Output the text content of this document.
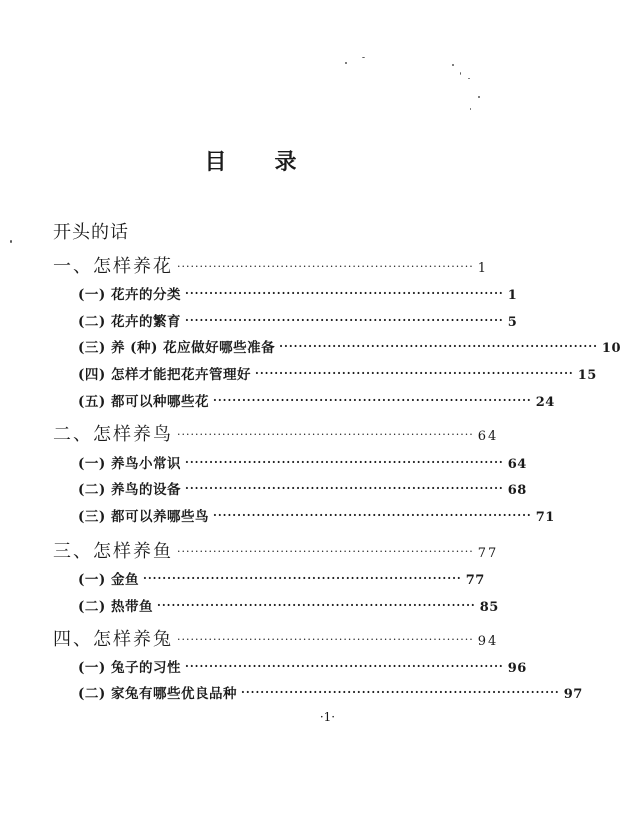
目 录
开头的话
一、怎样养花 ·································································· 1
(一) 花卉的分类 ·································································· 1
(二) 花卉的繁育 ·································································· 5
(三) 养 (种) 花应做好哪些准备 ·································································· 10
(四) 怎样才能把花卉管理好 ·································································· 15
(五) 都可以种哪些花 ·································································· 24
二、怎样养鸟 ·································································· 64
(一) 养鸟小常识 ·································································· 64
(二) 养鸟的设备 ·································································· 68
(三) 都可以养哪些鸟 ·································································· 71
三、怎样养鱼 ·································································· 77
(一) 金鱼 ·································································· 77
(二) 热带鱼 ·································································· 85
四、怎样养兔 ·································································· 94
(一) 兔子的习性 ·································································· 96
(二) 家兔有哪些优良品种 ·································································· 97
·1·
